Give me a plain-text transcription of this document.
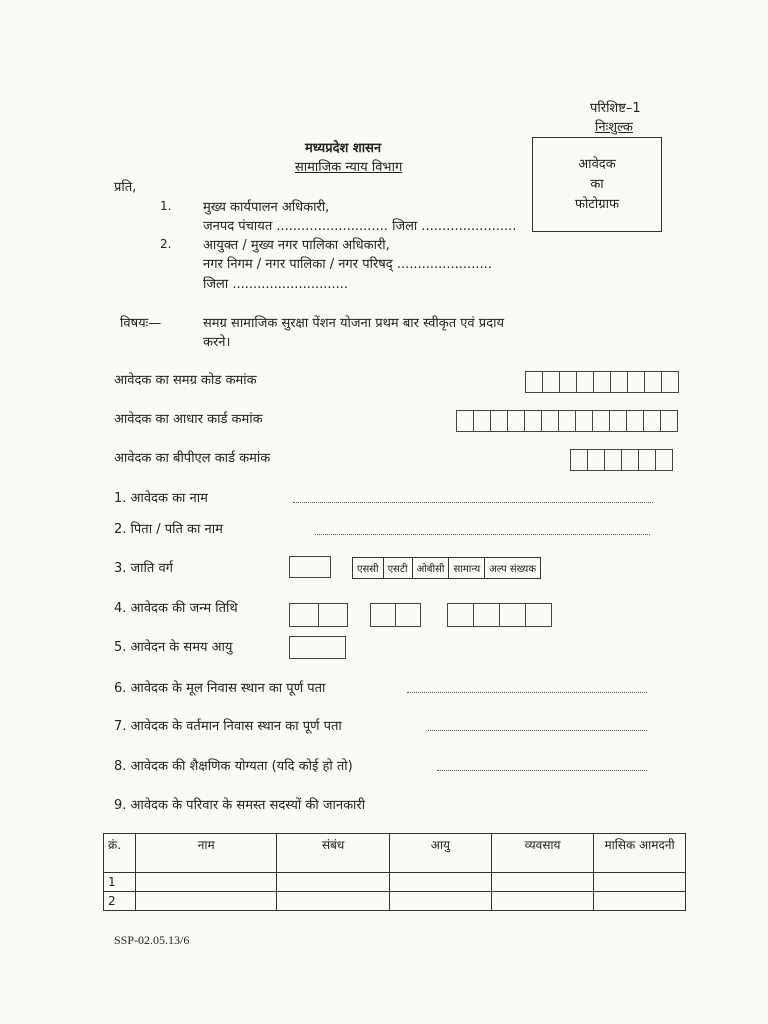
परिशिष्ट–1
निःशुल्क
मध्यप्रदेश शासन
सामाजिक न्याय विभाग	आवेदक
का
फोटोग्राफ
प्रति,
1. मुख्य कार्यपालन अधिकारी,
जनपद पंचायत ........................... जिला .......................
2. आयुक्त / मुख्य नगर पालिका अधिकारी,
नगर निगम / नगर पालिका / नगर परिषद् .......................
जिला ............................
विषयः—	समग्र सामाजिक सुरक्षा पेंशन योजना प्रथम बार स्वीकृत एवं प्रदाय
करने।
आवेदक का समग्र कोड कमांक
आवेदक का आधार कार्ड कमांक
आवेदक का बीपीएल कार्ड कमांक
1. आवेदक का नाम
2. पिता / पति का नाम
3. जाति वर्ग	एससी	एसटी	ओबीसी	सामान्य	अल्प संख्यक
4. आवेदक की जन्म तिथि
5. आवेदन के समय आयु
6. आवेदक के मूल निवास स्थान का पूर्ण पता
7. आवेदक के वर्तमान निवास स्थान का पूर्ण पता
8. आवेदक की शैक्षणिक योग्यता (यदि कोई हो तो)
9. आवेदक के परिवार के समस्त सदस्यों की जानकारी
क्रं.	नाम	संबंध	आयु	व्यवसाय	मासिक आमदनी
1					
2					
SSP-02.05.13/6
